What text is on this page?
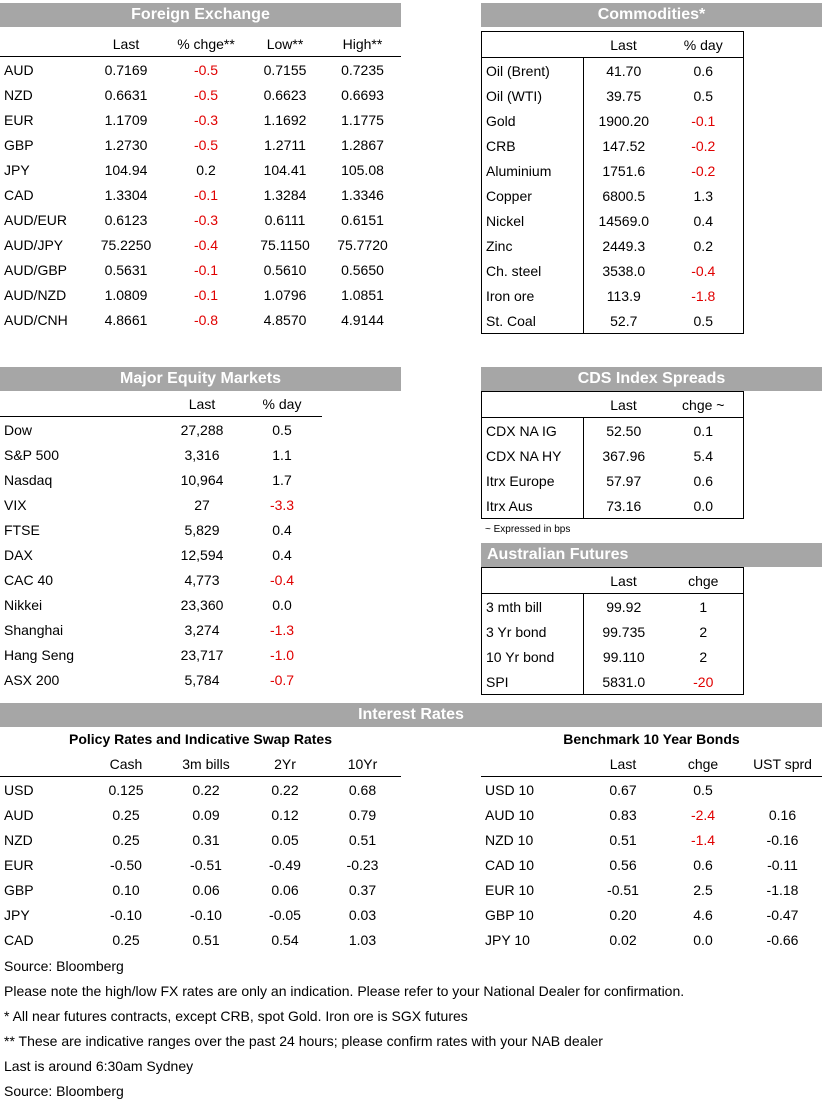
Foreign Exchange
	Last	% chge**	Low**	High**
AUD	0.7169	-0.5	0.7155	0.7235
NZD	0.6631	-0.5	0.6623	0.6693
EUR	1.1709	-0.3	1.1692	1.1775
GBP	1.2730	-0.5	1.2711	1.2867
JPY	104.94	0.2	104.41	105.08
CAD	1.3304	-0.1	1.3284	1.3346
AUD/EUR	0.6123	-0.3	0.6111	0.6151
AUD/JPY	75.2250	-0.4	75.1150	75.7720
AUD/GBP	0.5631	-0.1	0.5610	0.5650
AUD/NZD	1.0809	-0.1	1.0796	1.0851
AUD/CNH	4.8661	-0.8	4.8570	4.9144
Commodities*
	Last	% day
Oil (Brent)	41.70	0.6
Oil (WTI)	39.75	0.5
Gold	1900.20	-0.1
CRB	147.52	-0.2
Aluminium	1751.6	-0.2
Copper	6800.5	1.3
Nickel	14569.0	0.4
Zinc	2449.3	0.2
Ch. steel	3538.0	-0.4
Iron ore	113.9	-1.8
St. Coal	52.7	0.5
Major Equity Markets
	Last	% day
Dow	27,288	0.5
S&P 500	3,316	1.1
Nasdaq	10,964	1.7
VIX	27	-3.3
FTSE	5,829	0.4
DAX	12,594	0.4
CAC 40	4,773	-0.4
Nikkei	23,360	0.0
Shanghai	3,274	-1.3
Hang Seng	23,717	-1.0
ASX 200	5,784	-0.7
CDS Index Spreads
	Last	chge ~
CDX NA IG	52.50	0.1
CDX NA HY	367.96	5.4
Itrx Europe	57.97	0.6
Itrx Aus	73.16	0.0
~ Expressed in bps
Australian Futures
	Last	chge
3 mth bill	99.92	1
3 Yr bond	99.735	2
10 Yr bond	99.110	2
SPI	5831.0	-20
Interest Rates
Policy Rates and Indicative Swap Rates
	Cash	3m bills	2Yr	10Yr
USD	0.125	0.22	0.22	0.68
AUD	0.25	0.09	0.12	0.79
NZD	0.25	0.31	0.05	0.51
EUR	-0.50	-0.51	-0.49	-0.23
GBP	0.10	0.06	0.06	0.37
JPY	-0.10	-0.10	-0.05	0.03
CAD	0.25	0.51	0.54	1.03
Benchmark 10 Year Bonds
	Last	chge	UST sprd
USD 10	0.67	0.5	
AUD 10	0.83	-2.4	0.16
NZD 10	0.51	-1.4	-0.16
CAD 10	0.56	0.6	-0.11
EUR 10	-0.51	2.5	-1.18
GBP 10	0.20	4.6	-0.47
JPY 10	0.02	0.0	-0.66
Source: Bloomberg
Please note the high/low FX rates are only an indication. Please refer to your National Dealer for confirmation.
* All near futures contracts, except CRB, spot Gold. Iron ore is SGX futures
** These are indicative ranges over the past 24 hours; please confirm rates with your NAB dealer
Last is around 6:30am Sydney
Source: Bloomberg
